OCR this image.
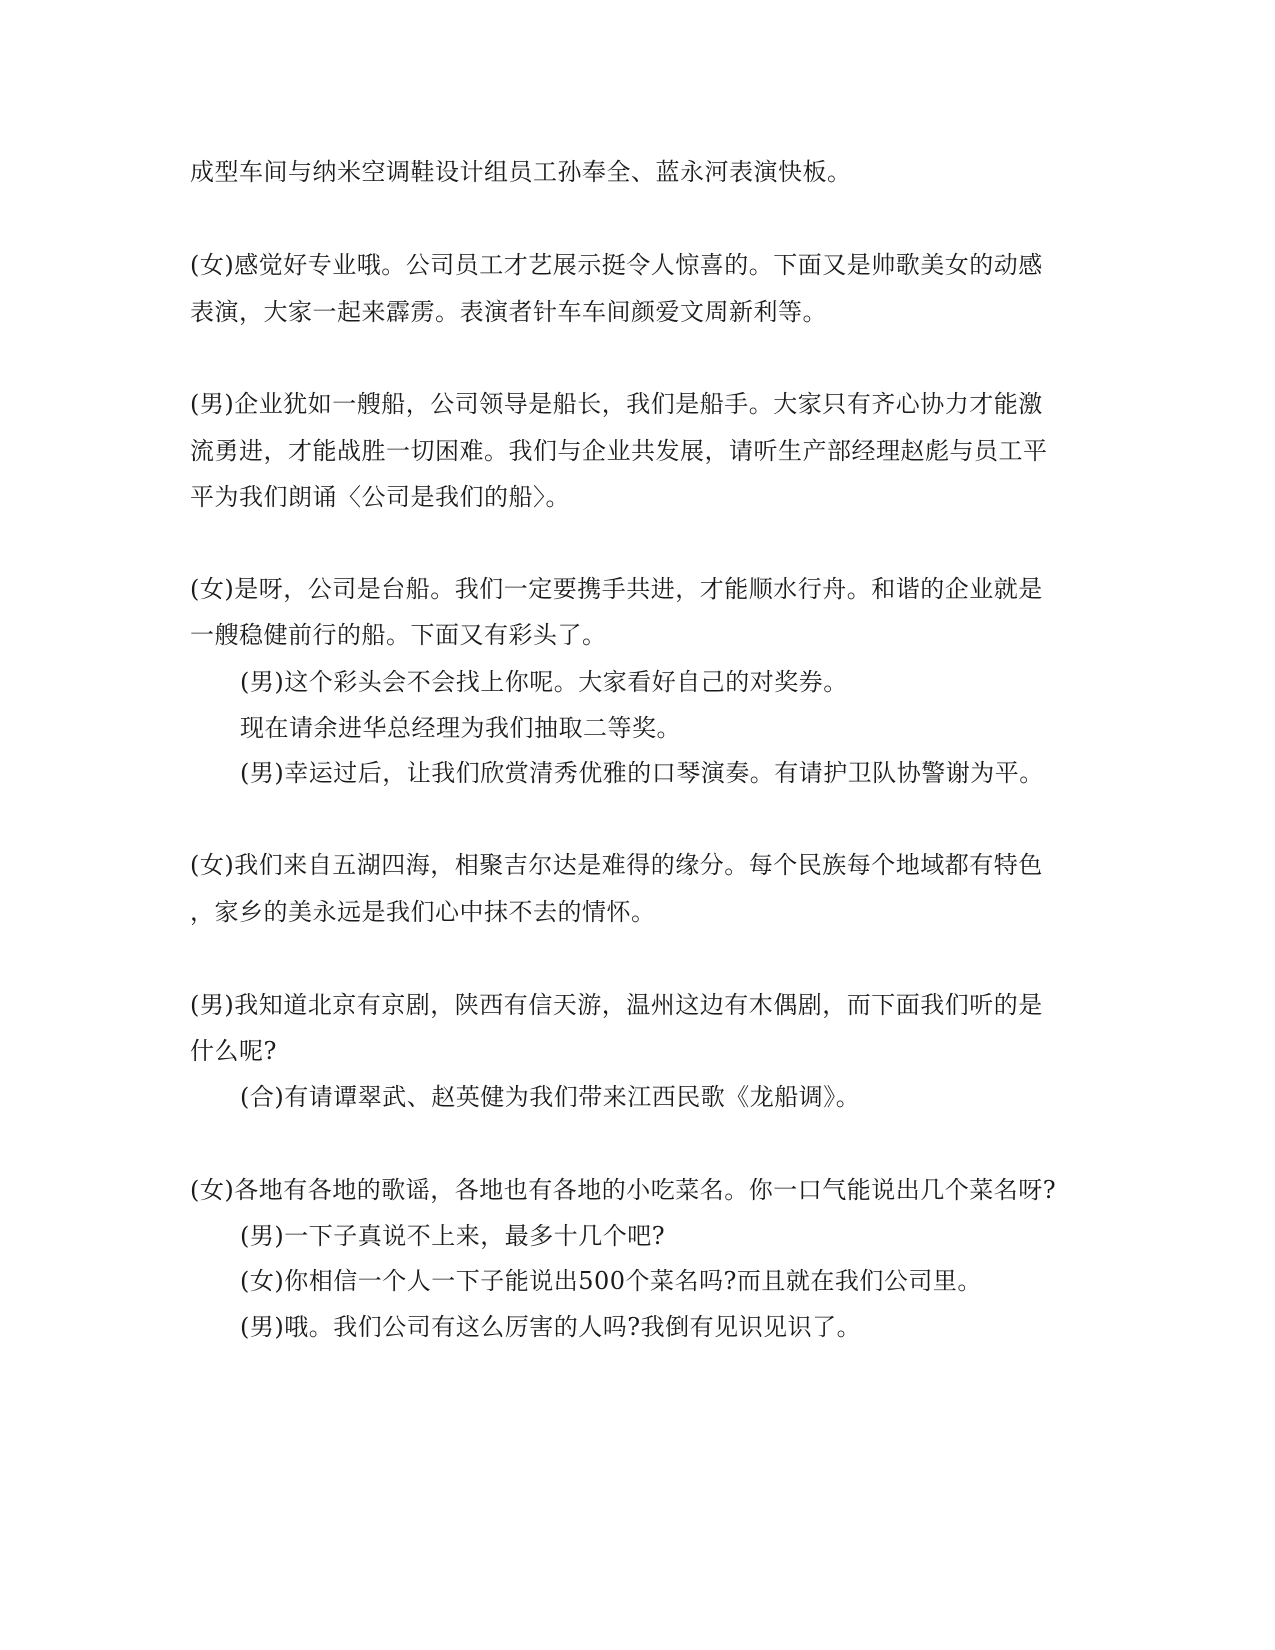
成型车间与纳米空调鞋设计组员工孙奉全、蓝永河表演快板。
(女)感觉好专业哦。公司员工才艺展示挺令人惊喜的。下面又是帅歌美女的动感
表演，大家一起来霹雳。表演者针车车间颜爱文周新利等。
(男)企业犹如一艘船，公司领导是船长，我们是船手。大家只有齐心协力才能激
流勇进，才能战胜一切困难。我们与企业共发展，请听生产部经理赵彪与员工平
平为我们朗诵〈公司是我们的船〉。
(女)是呀，公司是台船。我们一定要携手共进，才能顺水行舟。和谐的企业就是
一艘稳健前行的船。下面又有彩头了。
(男)这个彩头会不会找上你呢。大家看好自己的对奖券。
现在请余进华总经理为我们抽取二等奖。
(男)幸运过后，让我们欣赏清秀优雅的口琴演奏。有请护卫队协警谢为平。
(女)我们来自五湖四海，相聚吉尔达是难得的缘分。每个民族每个地域都有特色
，家乡的美永远是我们心中抹不去的情怀。
(男)我知道北京有京剧，陕西有信天游，温州这边有木偶剧，而下面我们听的是
什么呢?
(合)有请谭翠武、赵英健为我们带来江西民歌《龙船调》。
(女)各地有各地的歌谣，各地也有各地的小吃菜名。你一口气能说出几个菜名呀?
(男)一下子真说不上来，最多十几个吧?
(女)你相信一个人一下子能说出500个菜名吗?而且就在我们公司里。
(男)哦。我们公司有这么厉害的人吗?我倒有见识见识了。
